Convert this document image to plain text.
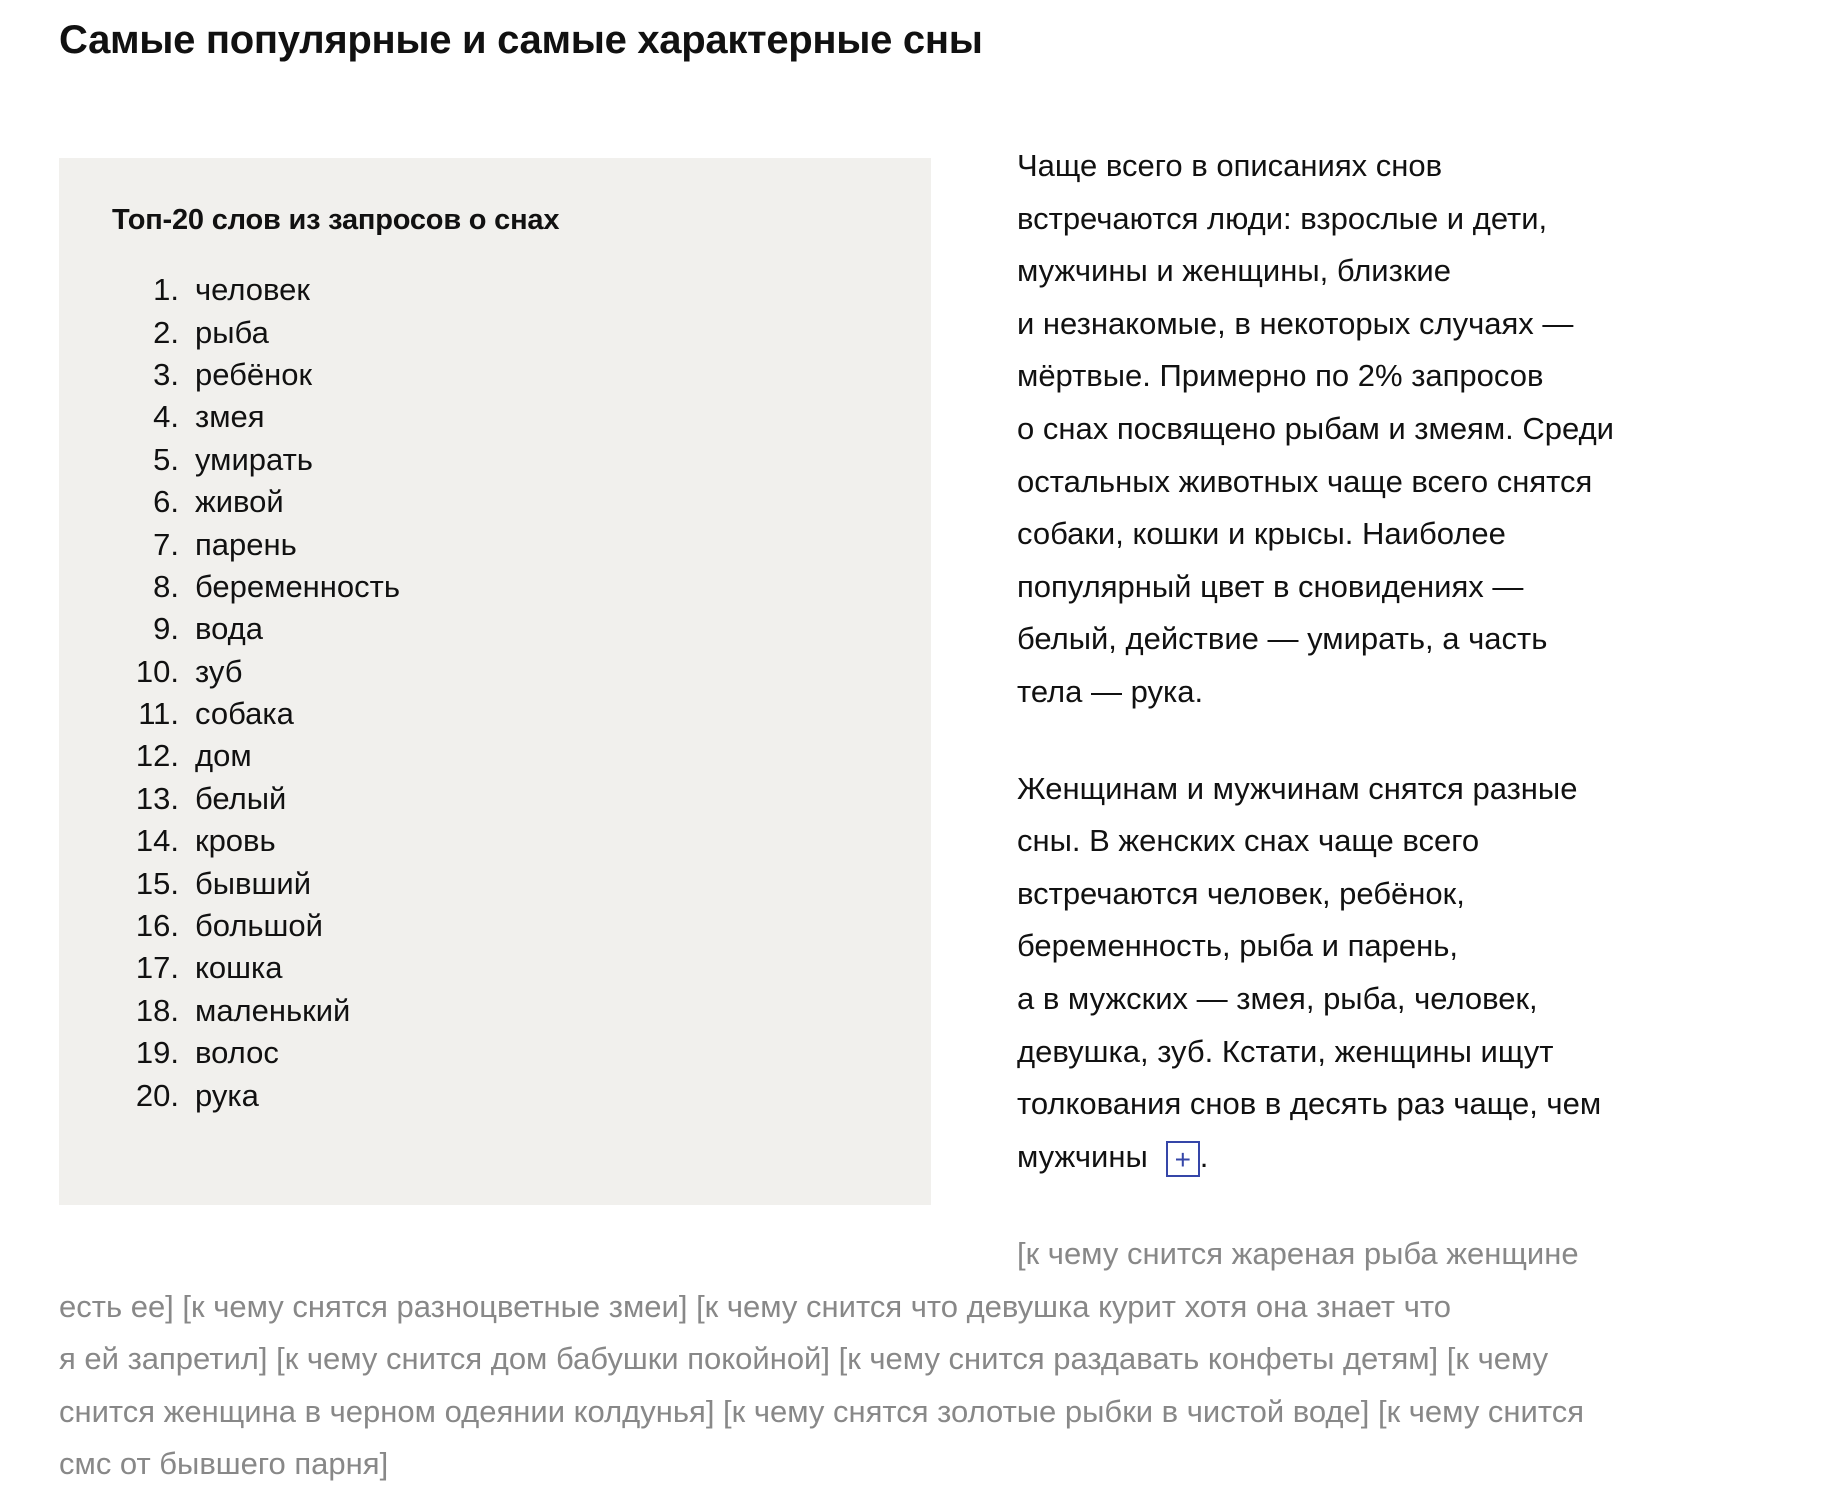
Самые популярные и самые характерные сны
Топ-20 слов из запросов о снах
1. человек
2. рыба
3. ребёнок
4. змея
5. умирать
6. живой
7. парень
8. беременность
9. вода
10. зуб
11. собака
12. дом
13. белый
14. кровь
15. бывший
16. большой
17. кошка
18. маленький
19. волос
20. рука

Чаще всего в описаниях снов
встречаются люди: взрослые и дети,
мужчины и женщины, близкие
и незнакомые, в некоторых случаях —
мёртвые. Примерно по 2% запросов
о снах посвящено рыбам и змеям. Среди
остальных животных чаще всего снятся
собаки, кошки и крысы. Наиболее
популярный цвет в сновидениях —
белый, действие — умирать, а часть
тела — рука.

Женщинам и мужчинам снятся разные
сны. В женских снах чаще всего
встречаются человек, ребёнок,
беременность, рыба и парень,
а в мужских — змея, рыба, человек,
девушка, зуб. Кстати, женщины ищут
толкования снов в десять раз чаще, чем
мужчины + .

[к чему снится жареная рыба женщине
есть ее] [к чему снятся разноцветные змеи] [к чему снится что девушка курит хотя она знает что
я ей запретил] [к чему снится дом бабушки покойной] [к чему снится раздавать конфеты детям] [к чему
снится женщина в черном одеянии колдунья] [к чему снятся золотые рыбки в чистой воде] [к чему снится
смс от бывшего парня]
